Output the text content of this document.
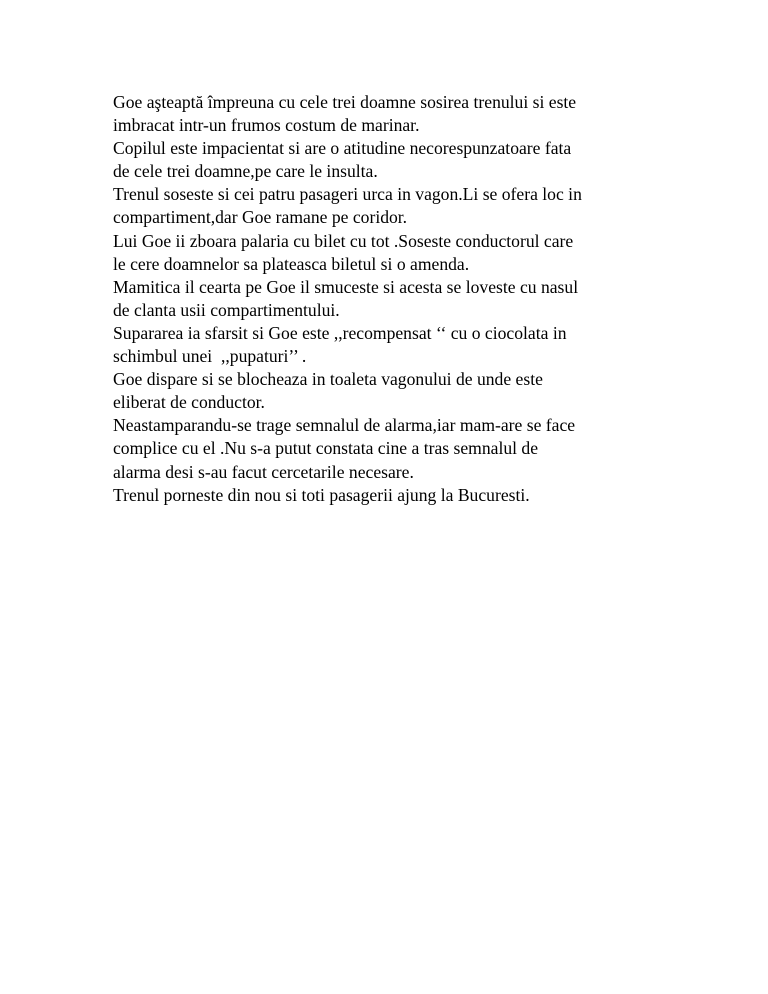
Goe aşteaptă împreuna cu cele trei doamne sosirea trenului si este
imbracat intr-un frumos costum de marinar.
Copilul este impacientat si are o atitudine necorespunzatoare fata
de cele trei doamne,pe care le insulta.
Trenul soseste si cei patru pasageri urca in vagon.Li se ofera loc in
compartiment,dar Goe ramane pe coridor.
Lui Goe ii zboara palaria cu bilet cu tot .Soseste conductorul care
le cere doamnelor sa plateasca biletul si o amenda.
Mamitica il cearta pe Goe il smuceste si acesta se loveste cu nasul
de clanta usii compartimentului.
Supararea ia sfarsit si Goe este ,,recompensat ‘‘ cu o ciocolata in
schimbul unei  ,,pupaturi’’ .
Goe dispare si se blocheaza in toaleta vagonului de unde este
eliberat de conductor.
Neastamparandu-se trage semnalul de alarma,iar mam-are se face
complice cu el .Nu s-a putut constata cine a tras semnalul de
alarma desi s-au facut cercetarile necesare.
Trenul porneste din nou si toti pasagerii ajung la Bucuresti.
